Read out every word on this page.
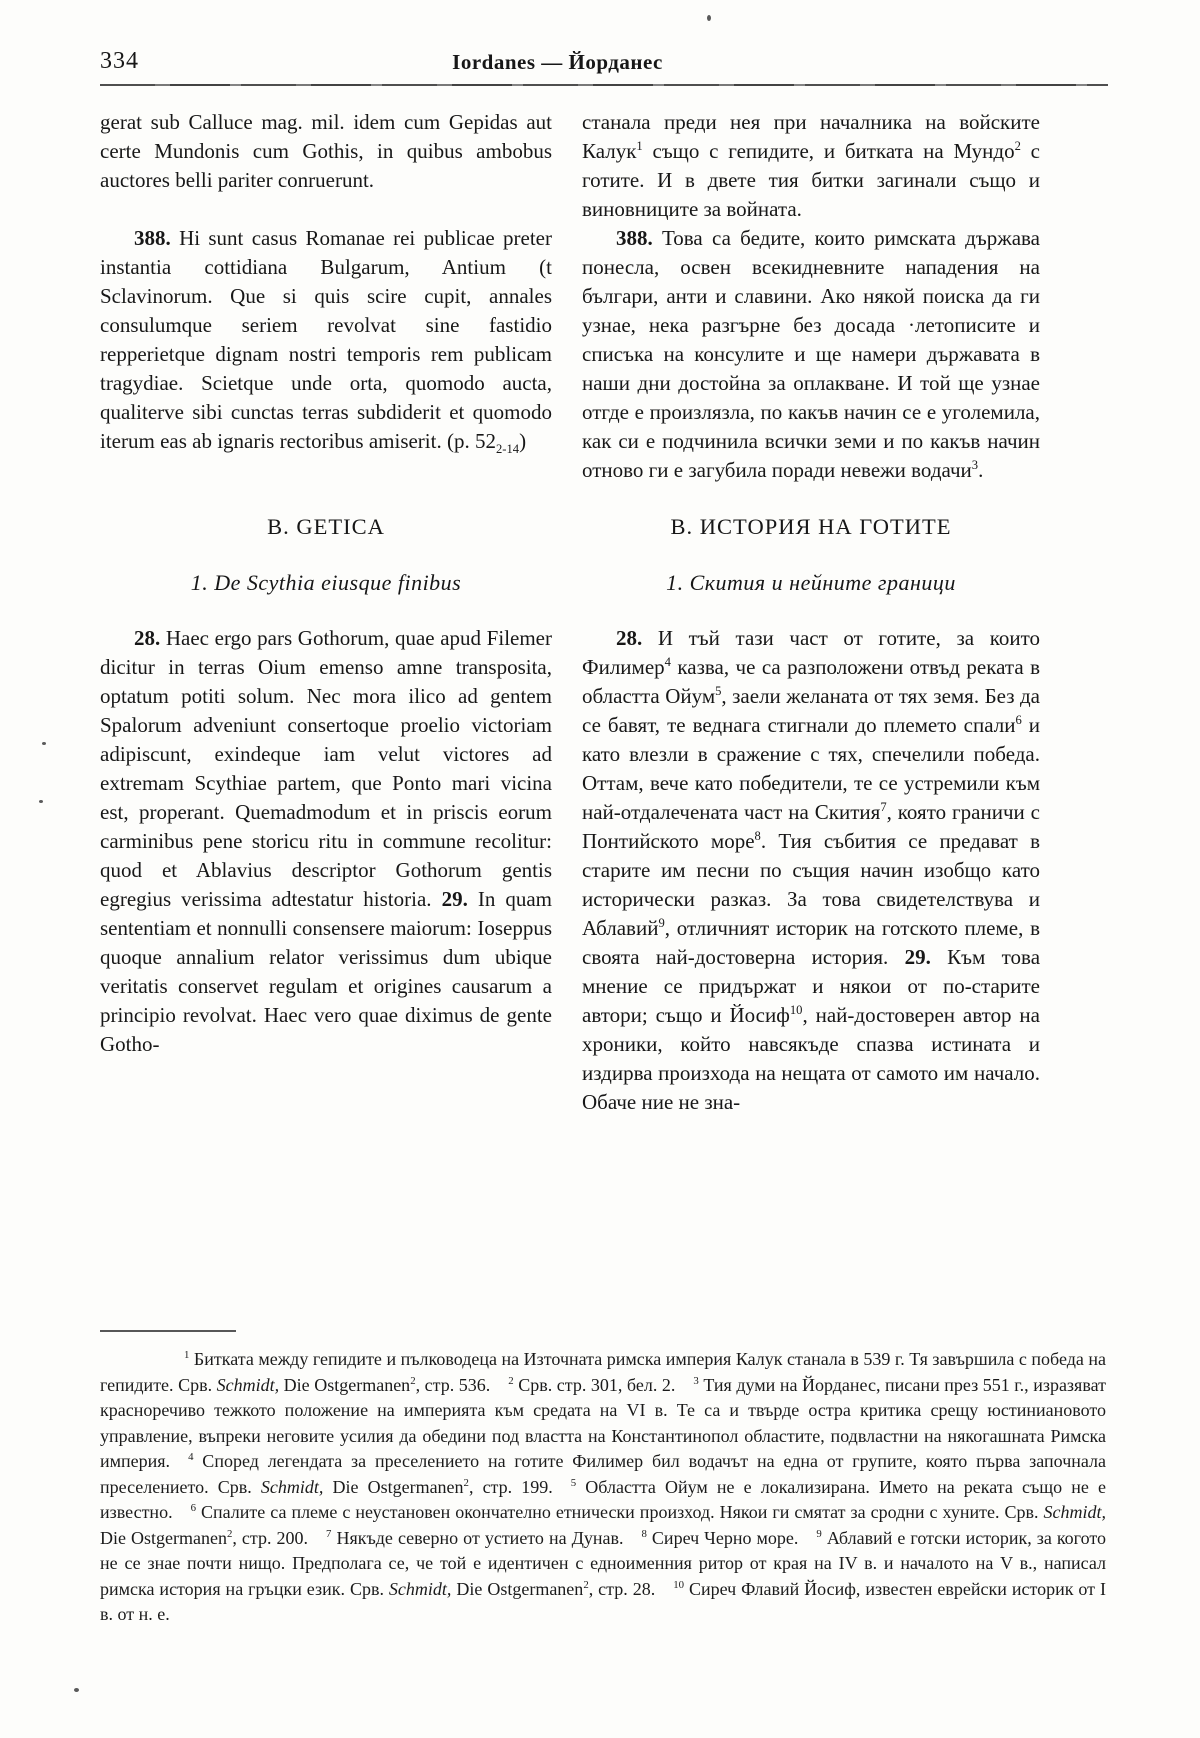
334	Iordanes — Йорданес

gerat sub Calluce mag. mil. idem cum Gepidas aut certe Mundonis cum Gothis, in quibus ambobus auctores belli pariter conruerunt.

станала преди нея при началника на войските Калук$^1$ също с гепидите, и битката на Мундо$^2$ с готите. И в двете тия битки загинали също и виновниците за войната.

388. Hi sunt casus Romanae rei publicae preter instantia cottidiana Bulgarum, Antium (t Sclavinorum. Que si quis scire cupit, annales consulumque seriem revolvat sine fastidio repperietque dignam nostri temporis rem publicam tragydiae. Scietque unde orta, quomodo aucta, qualiterve sibi cunctas terras subdiderit et quomodo iterum eas ab ignaris rectoribus amiserit. (p. $52_{2-14}$)

388. Това са бедите, които римската държава понесла, освен всекидневните нападения на българи, анти и славини. Ако някой поиска да ги узнае, нека разгърне без досада ·летописите и списъка на консулите и ще намери държавата в наши дни достойна за оплакване. И той ще узнае отгде е произлязла, по какъв начин се е уголемила, как си е подчинила всички земи и по какъв начин отново ги е загубила поради невежи водачи$^3$.

B. GETICA	В. ИСТОРИЯ НА ГОТИТЕ
1. De Scythia eiusque finibus	1. Скития и нейните граници

28. Haec ergo pars Gothorum, quae apud Filemer dicitur in terras Oium emenso amne transposita, optatum potiti solum. Nec mora ilico ad gentem Spalorum adveniunt consertoque proelio victoriam adipiscunt, exindeque iam velut victores ad extremam Scythiae partem, que Ponto mari vicina est, properant. Quemadmodum et in priscis eorum carminibus pene storicu ritu in commune recolitur: quod et Ablavius descriptor Gothorum gentis egregius verissima adtestatur historia. 29. In quam sententiam et nonnulli consensere maiorum: Ioseppus quoque annalium relator verissimus dum ubique veritatis conservet regulam et origines causarum a principio revolvat. Haec vero quae diximus de gente Gotho-

28. И тъй тази част от готите, за които Филимер$^4$ казва, че са разположени отвъд реката в областта Ойум$^5$, заели желаната от тях земя. Без да се бавят, те веднага стигнали до племето спали$^6$ и като влезли в сражение с тях, спечелили победа. Оттам, вече като победители, те се устремили към най-отдалечената част на Скития$^7$, която граничи с Понтийското море$^8$. Тия събития се предават в старите им песни по същия начин изобщо като исторически разказ. За това свидетелствува и Аблавий$^9$, отличният историк на готското племе, в своята най-достоверна история. 29. Към това мнение се придържат и някои от по-старите автори; също и Йосиф$^{10}$, най-достоверен автор на хроники, който навсякъде спазва истината и издирва произхода на нещата от самото им начало. Обаче ние не зна-

$^1$ Битката между гепидите и пълководеца на Източната римска империя Калук станала в 539 г. Тя завършила с победа на гепидите. Срв. Schmidt, Die Ostgermanen$^2$, стр. 536. $^2$ Срв. стр. 301, бел. 2. $^3$ Тия думи на Йорданес, писани през 551 г., изразяват красноречиво тежкото положение на империята към средата на VI в. Те са и твърде остра критика срещу юстиниановото управление, въпреки неговите усилия да обедини под властта на Константинопол областите, подвластни на някогашната Римска империя. $^4$ Според легендата за преселението на готите Филимер бил водачът на една от групите, която първа започнала преселението. Срв. Schmidt, Die Ostgermanen$^2$, стр. 199. $^5$ Областта Ойум не е локализирана. Името на реката също не е известно. $^6$ Спалите са племе с неустановен окончателно етнически произход. Някои ги смятат за сродни с хуните. Срв. Schmidt, Die Ostgermanen$^2$, стр. 200. $^7$ Някъде северно от устието на Дунав. $^8$ Сиреч Черно море. $^9$ Аблавий е готски историк, за когото не се знае почти нищо. Предполага се, че той е идентичен с едноименния ритор от края на IV в. и началото на V в., написал римска история на гръцки език. Срв. Schmidt, Die Ostgermanen$^2$, стр. 28. $^{10}$ Сиреч Флавий Йосиф, известен еврейски историк от I в. от н. е.
